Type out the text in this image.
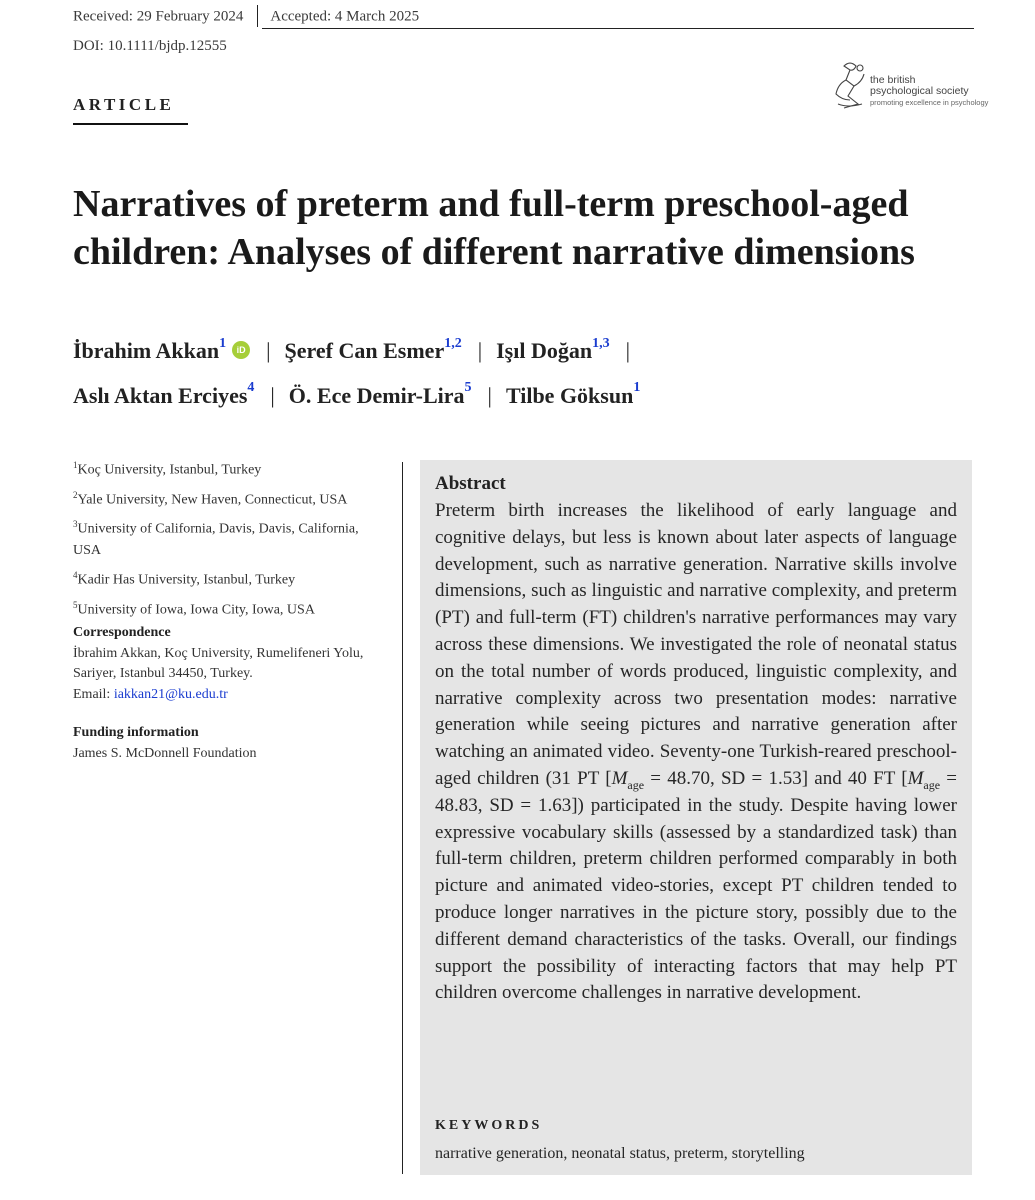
Received: 29 February 2024 Accepted: 4 March 2025
DOI: 10.1111/bjdp.12555
the british
psychological society
promoting excellence in psychology
ARTICLE
Narratives of preterm and full-term preschool-aged children: Analyses of different narrative dimensions
İbrahim Akkan$^1$ iD | Şeref Can Esmer$^{1,2}$ | Işıl Doğan$^{1,3}$ |
Aslı Aktan Erciyes$^4$ | Ö. Ece Demir-Lira$^5$ | Tilbe Göksun$^1$
$^1$Koç University, Istanbul, Turkey
$^2$Yale University, New Haven, Connecticut, USA
$^3$University of California, Davis, Davis, California, USA
$^4$Kadir Has University, Istanbul, Turkey
$^5$University of Iowa, Iowa City, Iowa, USA
Correspondence
İbrahim Akkan, Koç University, Rumelifeneri Yolu, Sariyer, Istanbul 34450, Turkey.
Email: iakkan21@ku.edu.tr
Funding information
James S. McDonnell Foundation
Abstract

Preterm birth increases the likelihood of early language and cognitive delays, but less is known about later aspects of language development, such as narrative generation. Narrative skills involve dimensions, such as linguistic and narrative complexity, and preterm (PT) and full-term (FT) children's narrative performances may vary across these dimensions. We investigated the role of neonatal status on the total number of words produced, linguistic complexity, and narrative complexity across two presentation modes: narrative generation while seeing pictures and narrative generation after watching an animated video. Seventy-one Turkish-reared preschool-aged children (31 PT [$M_{age} = 48.70$, SD = 1.53] and 40 FT [$M_{age} = 48.83$, SD = 1.63]) participated in the study. Despite having lower expressive vocabulary skills (assessed by a standardized task) than full-term children, preterm children performed comparably in both picture and animated video-stories, except PT children tended to produce longer narratives in the picture story, possibly due to the different demand characteristics of the tasks. Overall, our findings support the possibility of interacting factors that may help PT children overcome challenges in narrative development.

KEYWORDS
narrative generation, neonatal status, preterm, storytelling
